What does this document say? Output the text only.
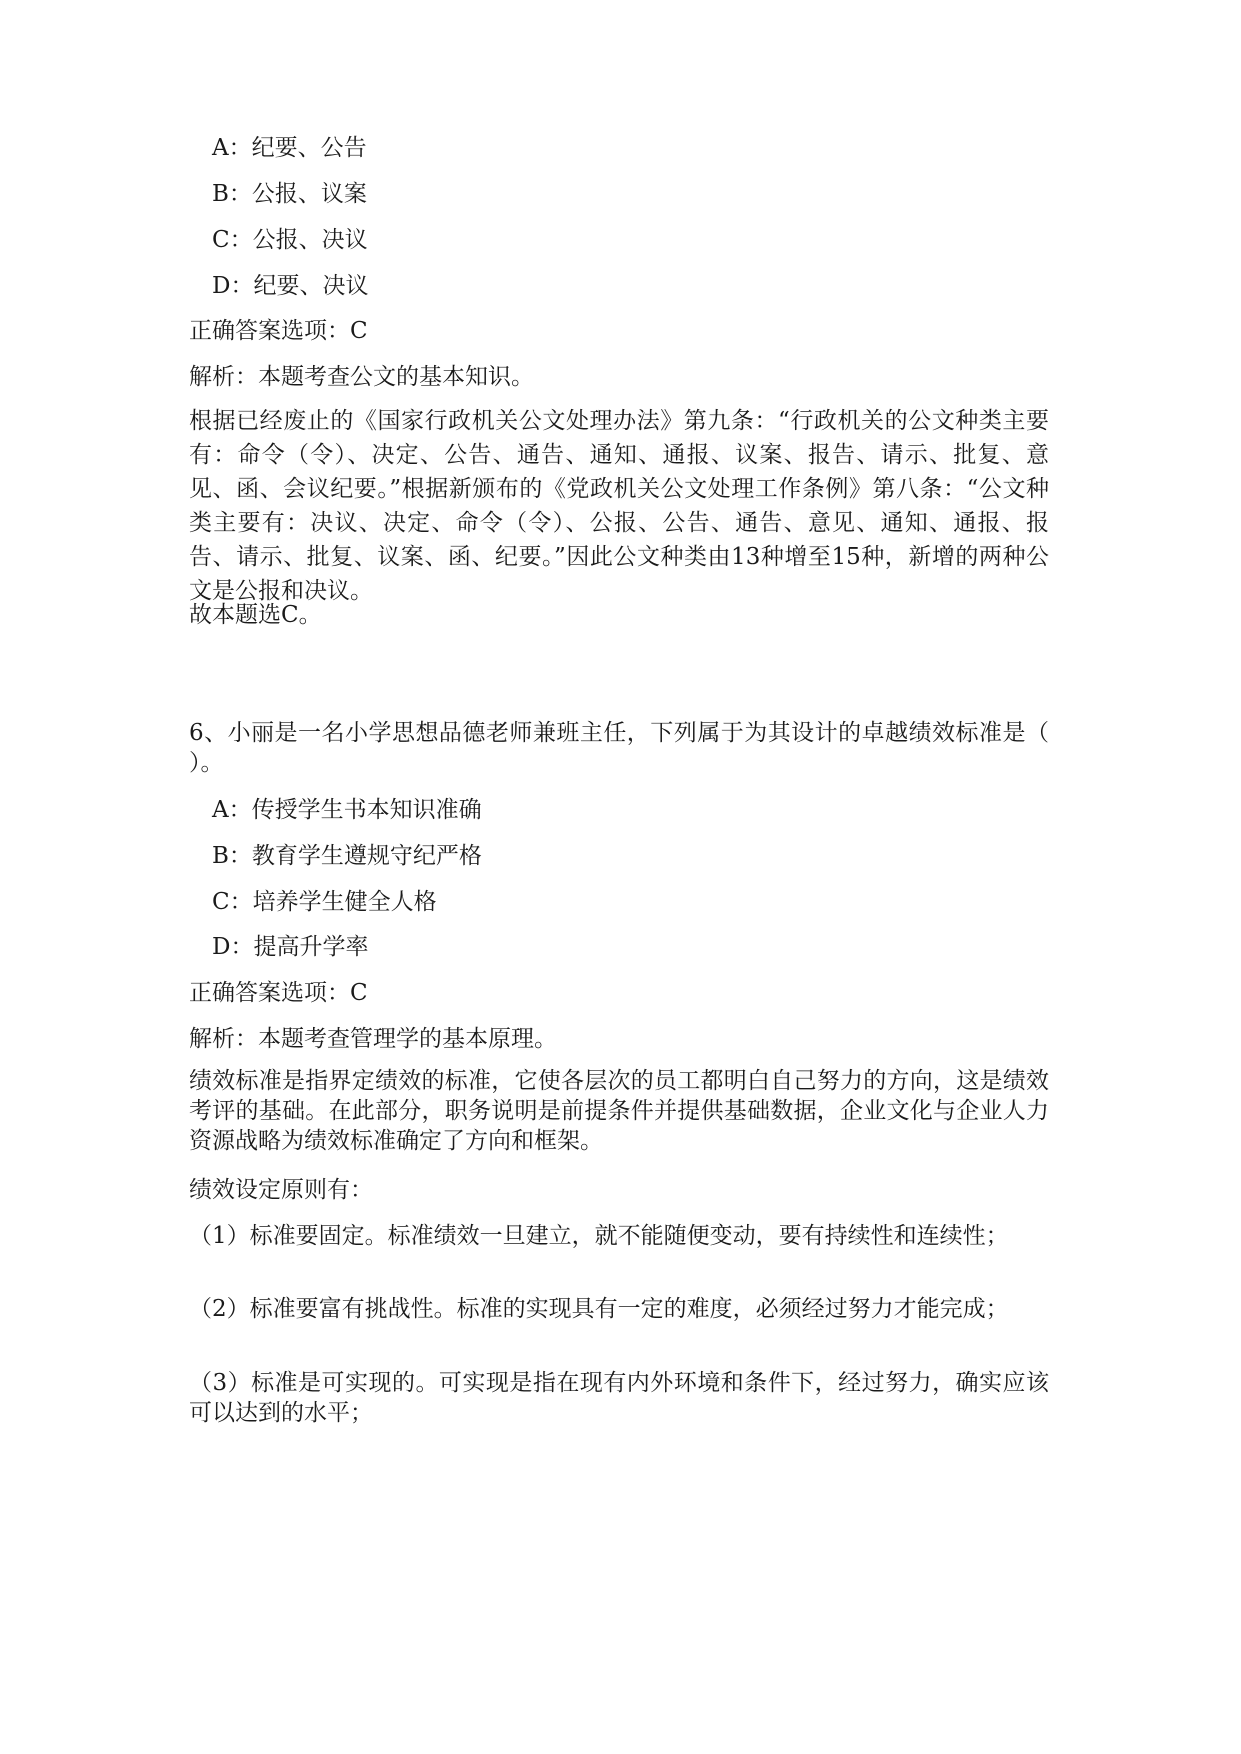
A：纪要、公告
B：公报、议案
C：公报、决议
D：纪要、决议
正确答案选项：C
解析：本题考查公文的基本知识。
根据已经废止的《国家行政机关公文处理办法》第九条：“行政机关的公文种类主要有：命令（令）、决定、公告、通告、通知、通报、议案、报告、请示、批复、意见、函、会议纪要。”根据新颁布的《党政机关公文处理工作条例》第八条：“公文种类主要有：决议、决定、命令（令）、公报、公告、通告、意见、通知、通报、报告、请示、批复、议案、函、纪要。”因此公文种类由13种增至15种，新增的两种公文是公报和决议。
故本题选C。
6、小丽是一名小学思想品德老师兼班主任，下列属于为其设计的卓越绩效标准是（ ）。
A：传授学生书本知识准确
B：教育学生遵规守纪严格
C：培养学生健全人格
D：提高升学率
正确答案选项：C
解析：本题考查管理学的基本原理。
绩效标准是指界定绩效的标准，它使各层次的员工都明白自己努力的方向，这是绩效考评的基础。在此部分，职务说明是前提条件并提供基础数据，企业文化与企业人力资源战略为绩效标准确定了方向和框架。
绩效设定原则有：
（1）标准要固定。标准绩效一旦建立，就不能随便变动，要有持续性和连续性；
（2）标准要富有挑战性。标准的实现具有一定的难度，必须经过努力才能完成；
（3）标准是可实现的。可实现是指在现有内外环境和条件下，经过努力，确实应该可以达到的水平；
